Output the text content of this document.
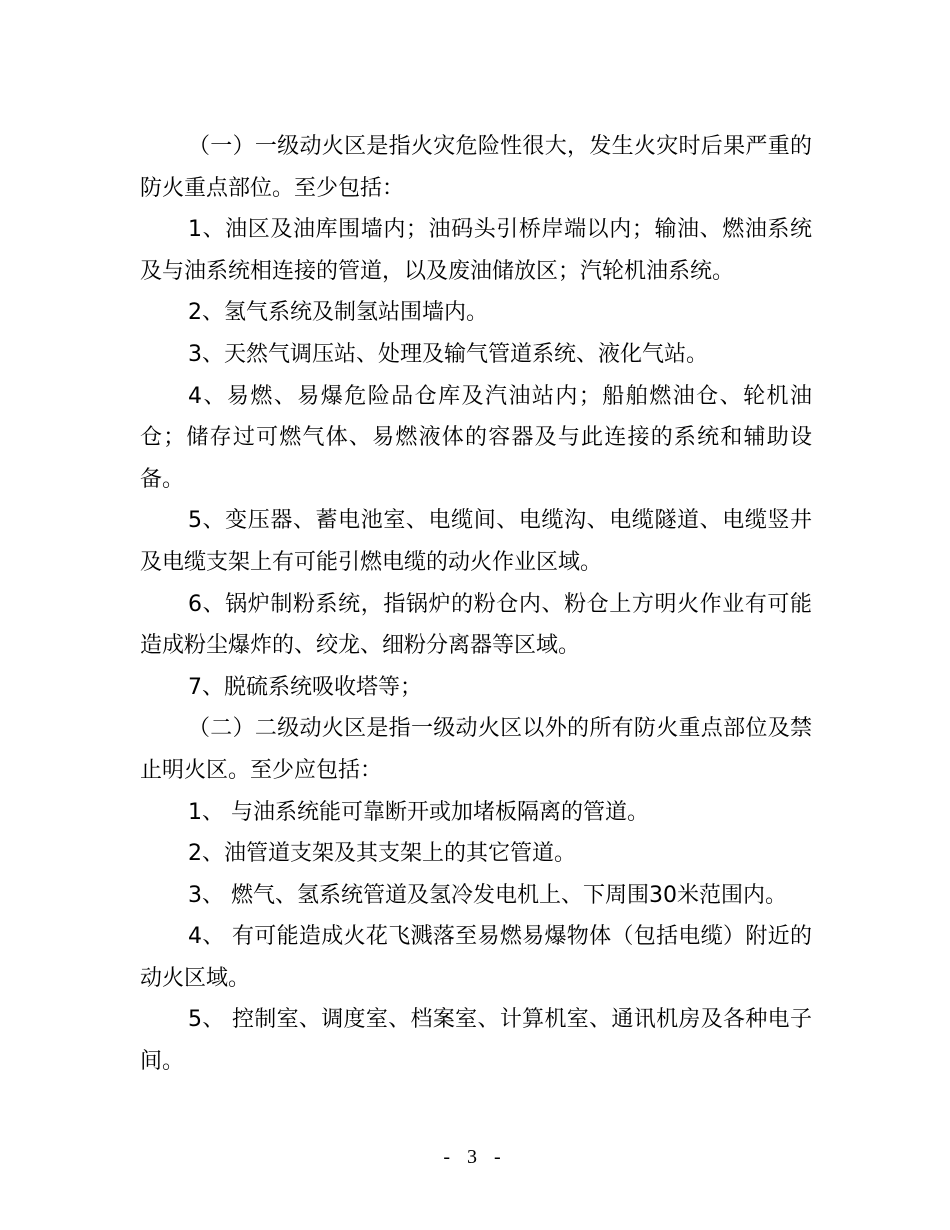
（一）一级动火区是指火灾危险性很大，发生火灾时后果严重的防火重点部位。至少包括：

1、油区及油库围墙内；油码头引桥岸端以内；输油、燃油系统及与油系统相连接的管道，以及废油储放区；汽轮机油系统。

2、氢气系统及制氢站围墙内。

3、天然气调压站、处理及输气管道系统、液化气站。

4、易燃、易爆危险品仓库及汽油站内；船舶燃油仓、轮机油仓；储存过可燃气体、易燃液体的容器及与此连接的系统和辅助设备。

5、变压器、蓄电池室、电缆间、电缆沟、电缆隧道、电缆竖井及电缆支架上有可能引燃电缆的动火作业区域。

6、锅炉制粉系统，指锅炉的粉仓内、粉仓上方明火作业有可能造成粉尘爆炸的、绞龙、细粉分离器等区域。

7、脱硫系统吸收塔等；

（二）二级动火区是指一级动火区以外的所有防火重点部位及禁止明火区。至少应包括：

1、 与油系统能可靠断开或加堵板隔离的管道。

2、油管道支架及其支架上的其它管道。

3、 燃气、氢系统管道及氢冷发电机上、下周围30米范围内。

4、 有可能造成火花飞溅落至易燃易爆物体（包括电缆）附近的动火区域。

5、 控制室、调度室、档案室、计算机室、通讯机房及各种电子间。

- 3 -
